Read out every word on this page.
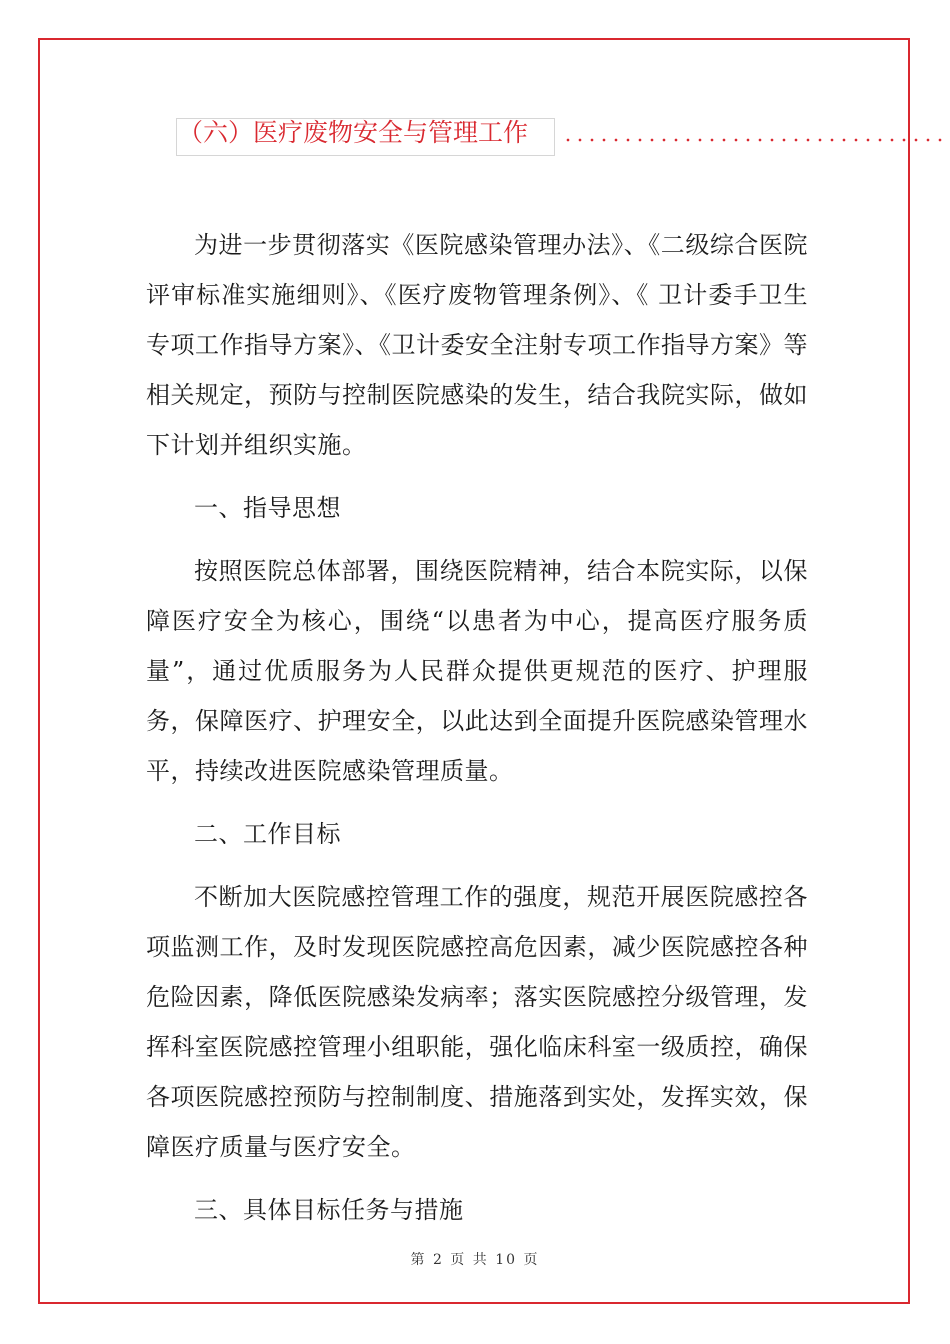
（六）医疗废物安全与管理工作

为进一步贯彻落实《医院感染管理办法》、《二级综合医院评审标准实施细则》、《医疗废物管理条例》、《 卫计委手卫生专项工作指导方案》、《卫计委安全注射专项工作指导方案》等相关规定，预防与控制医院感染的发生，结合我院实际，做如下计划并组织实施。

一、指导思想

按照医院总体部署，围绕医院精神，结合本院实际，以保障医疗安全为核心，围绕“以患者为中心，提高医疗服务质量”，通过优质服务为人民群众提供更规范的医疗、护理服务，保障医疗、护理安全，以此达到全面提升医院感染管理水平，持续改进医院感染管理质量。

二、工作目标

不断加大医院感控管理工作的强度，规范开展医院感控各项监测工作，及时发现医院感控高危因素，减少医院感控各种危险因素，降低医院感染发病率；落实医院感控分级管理，发挥科室医院感控管理小组职能，强化临床科室一级质控，确保各项医院感控预防与控制制度、措施落到实处，发挥实效，保障医疗质量与医疗安全。

三、具体目标任务与措施

第 2 页 共 10 页
